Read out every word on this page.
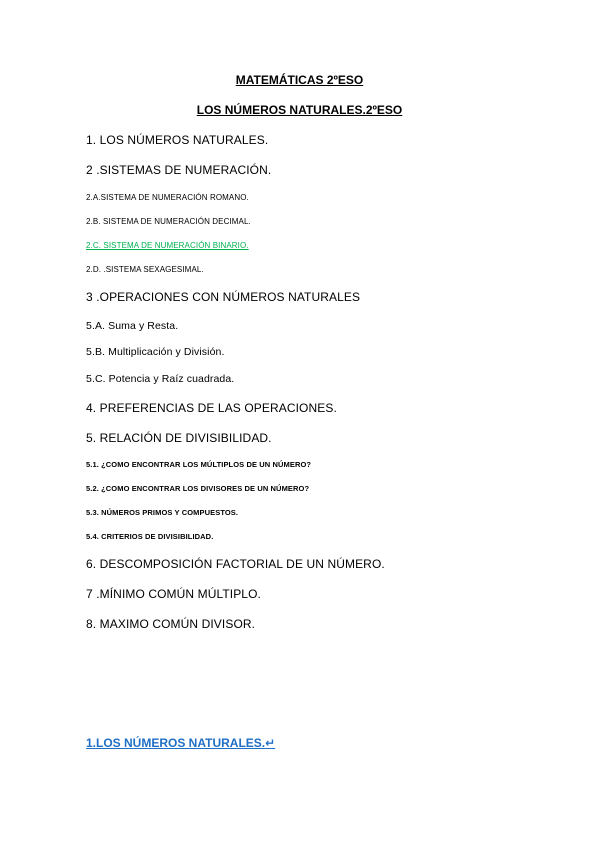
MATEMÁTICAS 2ºESO
LOS NÚMEROS NATURALES.2ºESO
1. LOS NÚMEROS NATURALES.
2 .SISTEMAS DE NUMERACIÓN.
2.A.SISTEMA DE NUMERACIÓN ROMANO.
2.B. SISTEMA DE NUMERACIÓN DECIMAL.
2.C. SISTEMA DE NUMERACIÓN BINARIO.
2.D. .SISTEMA SEXAGESIMAL.
3 .OPERACIONES CON NÚMEROS NATURALES
5.A. Suma y Resta.
5.B. Multiplicación y División.
5.C. Potencia y Raíz cuadrada.
4. PREFERENCIAS DE LAS OPERACIONES.
5. RELACIÓN DE DIVISIBILIDAD.
5.1. ¿COMO ENCONTRAR LOS MÚLTIPLOS DE UN NÚMERO?
5.2. ¿COMO ENCONTRAR LOS DIVISORES DE UN NÚMERO?
5.3. NÚMEROS PRIMOS Y COMPUESTOS.
5.4. CRITERIOS DE DIVISIBILIDAD.
6. DESCOMPOSICIÓN FACTORIAL DE UN NÚMERO.
7 .MÍNIMO COMÚN MÚLTIPLO.
8. MAXIMO COMÚN DIVISOR.
1.LOS NÚMEROS NATURALES.↵
